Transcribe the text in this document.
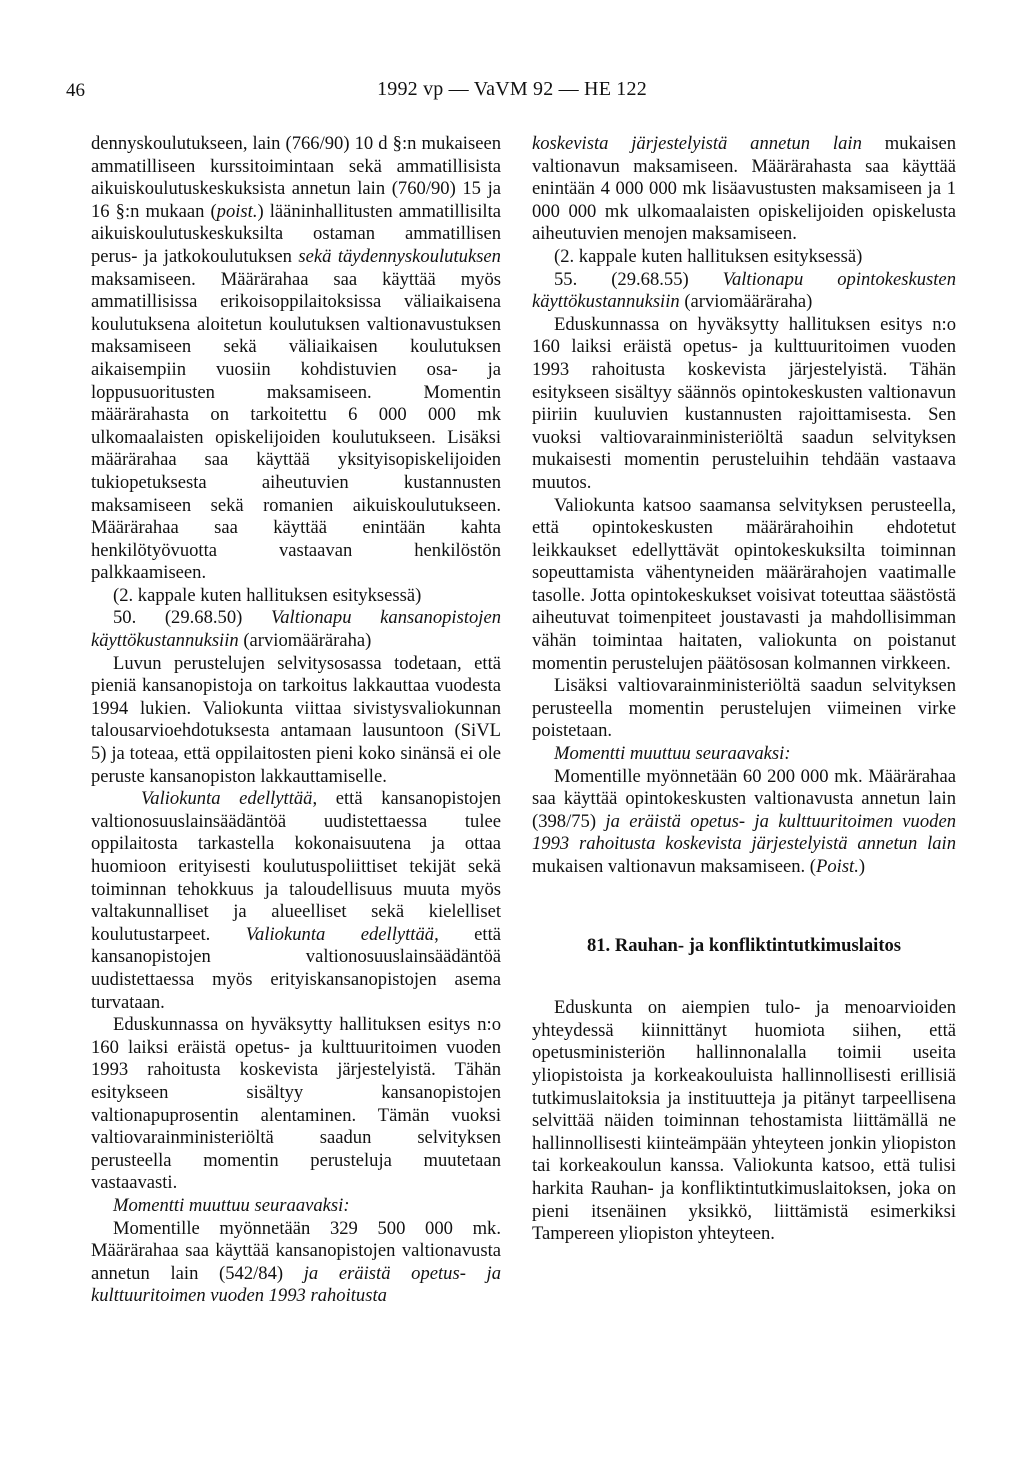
46	1992 vp — VaVM 92 — HE 122

dennyskoulutukseen, lain (766/90) 10 d §:n mukaiseen ammatilliseen kurssitoimintaan sekä ammatillisista aikuiskoulutuskeskuksista annetun lain (760/90) 15 ja 16 §:n mukaan (poist.) lääninhallitusten ammatillisilta aikuiskoulutuskeskuksilta ostaman ammatillisen perus- ja jatkokoulutuksen sekä täydennyskoulutuksen maksamiseen. Määrärahaa saa käyttää myös ammatillisissa erikoisoppilaitoksissa väliaikaisena koulutuksena aloitetun koulutuksen valtionavustuksen maksamiseen sekä väliaikaisen koulutuksen aikaisempiin vuosiin kohdistuvien osa- ja loppusuoritusten maksamiseen. Momentin määrärahasta on tarkoitettu 6 000 000 mk ulkomaalaisten opiskelijoiden koulutukseen. Lisäksi määrärahaa saa käyttää yksityisopiskelijoiden tukiopetuksesta aiheutuvien kustannusten maksamiseen sekä romanien aikuiskoulutukseen. Määrärahaa saa käyttää enintään kahta henkilötyövuotta vastaavan henkilöstön palkkaamiseen.

(2. kappale kuten hallituksen esityksessä)

50. (29.68.50) Valtionapu kansanopistojen käyttökustannuksiin (arviomääräraha)

Luvun perustelujen selvitysosassa todetaan, että pieniä kansanopistoja on tarkoitus lakkauttaa vuodesta 1994 lukien. Valiokunta viittaa sivistysvaliokunnan talousarvioehdotuksesta antamaan lausuntoon (SiVL 5) ja toteaa, että oppilaitosten pieni koko sinänsä ei ole peruste kansanopiston lakkauttamiselle.

Valiokunta edellyttää, että kansanopistojen valtionosuuslainsäädäntöä uudistettaessa tulee oppilaitosta tarkastella kokonaisuutena ja ottaa huomioon erityisesti koulutuspoliittiset tekijät sekä toiminnan tehokkuus ja taloudellisuus muuta myös valtakunnalliset ja alueelliset sekä kielelliset koulutustarpeet. Valiokunta edellyttää, että kansanopistojen valtionosuuslainsäädäntöä uudistettaessa myös erityiskansanopistojen asema turvataan.

Eduskunnassa on hyväksytty hallituksen esitys n:o 160 laiksi eräistä opetus- ja kulttuuritoimen vuoden 1993 rahoitusta koskevista järjestelyistä. Tähän esitykseen sisältyy kansanopistojen valtionapuprosentin alentaminen. Tämän vuoksi valtiovarainministeriöltä saadun selvityksen perusteella momentin perusteluja muutetaan vastaavasti.

Momentti muuttuu seuraavaksi:

Momentille myönnetään 329 500 000 mk. Määrärahaa saa käyttää kansanopistojen valtionavusta annetun lain (542/84) ja eräistä opetus- ja kulttuuritoimen vuoden 1993 rahoitusta

koskevista järjestelyistä annetun lain mukaisen valtionavun maksamiseen. Määrärahasta saa käyttää enintään 4 000 000 mk lisäavustusten maksamiseen ja 1 000 000 mk ulkomaalaisten opiskelijoiden opiskelusta aiheutuvien menojen maksamiseen.

(2. kappale kuten hallituksen esityksessä)

55. (29.68.55) Valtionapu opintokeskusten käyttökustannuksiin (arviomääräraha)

Eduskunnassa on hyväksytty hallituksen esitys n:o 160 laiksi eräistä opetus- ja kulttuuritoimen vuoden 1993 rahoitusta koskevista järjestelyistä. Tähän esitykseen sisältyy säännös opintokeskusten valtionavun piiriin kuuluvien kustannusten rajoittamisesta. Sen vuoksi valtiovarainministeriöltä saadun selvityksen mukaisesti momentin perusteluihin tehdään vastaava muutos.

Valiokunta katsoo saamansa selvityksen perusteella, että opintokeskusten määrärahoihin ehdotetut leikkaukset edellyttävät opintokeskuksilta toiminnan sopeuttamista vähentyneiden määrärahojen vaatimalle tasolle. Jotta opintokeskukset voisivat toteuttaa säästöstä aiheutuvat toimenpiteet joustavasti ja mahdollisimman vähän toimintaa haitaten, valiokunta on poistanut momentin perustelujen päätösosan kolmannen virkkeen.

Lisäksi valtiovarainministeriöltä saadun selvityksen perusteella momentin perustelujen viimeinen virke poistetaan.

Momentti muuttuu seuraavaksi:

Momentille myönnetään 60 200 000 mk. Määrärahaa saa käyttää opintokeskusten valtionavusta annetun lain (398/75) ja eräistä opetus- ja kulttuuritoimen vuoden 1993 rahoitusta koskevista järjestelyistä annetun lain mukaisen valtionavun maksamiseen. (Poist.)

81. Rauhan- ja konfliktintutkimuslaitos

Eduskunta on aiempien tulo- ja menoarvioiden yhteydessä kiinnittänyt huomiota siihen, että opetusministeriön hallinnonalalla toimii useita yliopistoista ja korkeakouluista hallinnollisesti erillisiä tutkimuslaitoksia ja instituutteja ja pitänyt tarpeellisena selvittää näiden toiminnan tehostamista liittämällä ne hallinnollisesti kiinteämpään yhteyteen jonkin yliopiston tai korkeakoulun kanssa. Valiokunta katsoo, että tulisi harkita Rauhan- ja konfliktintutkimuslaitoksen, joka on pieni itsenäinen yksikkö, liittämistä esimerkiksi Tampereen yliopiston yhteyteen.
